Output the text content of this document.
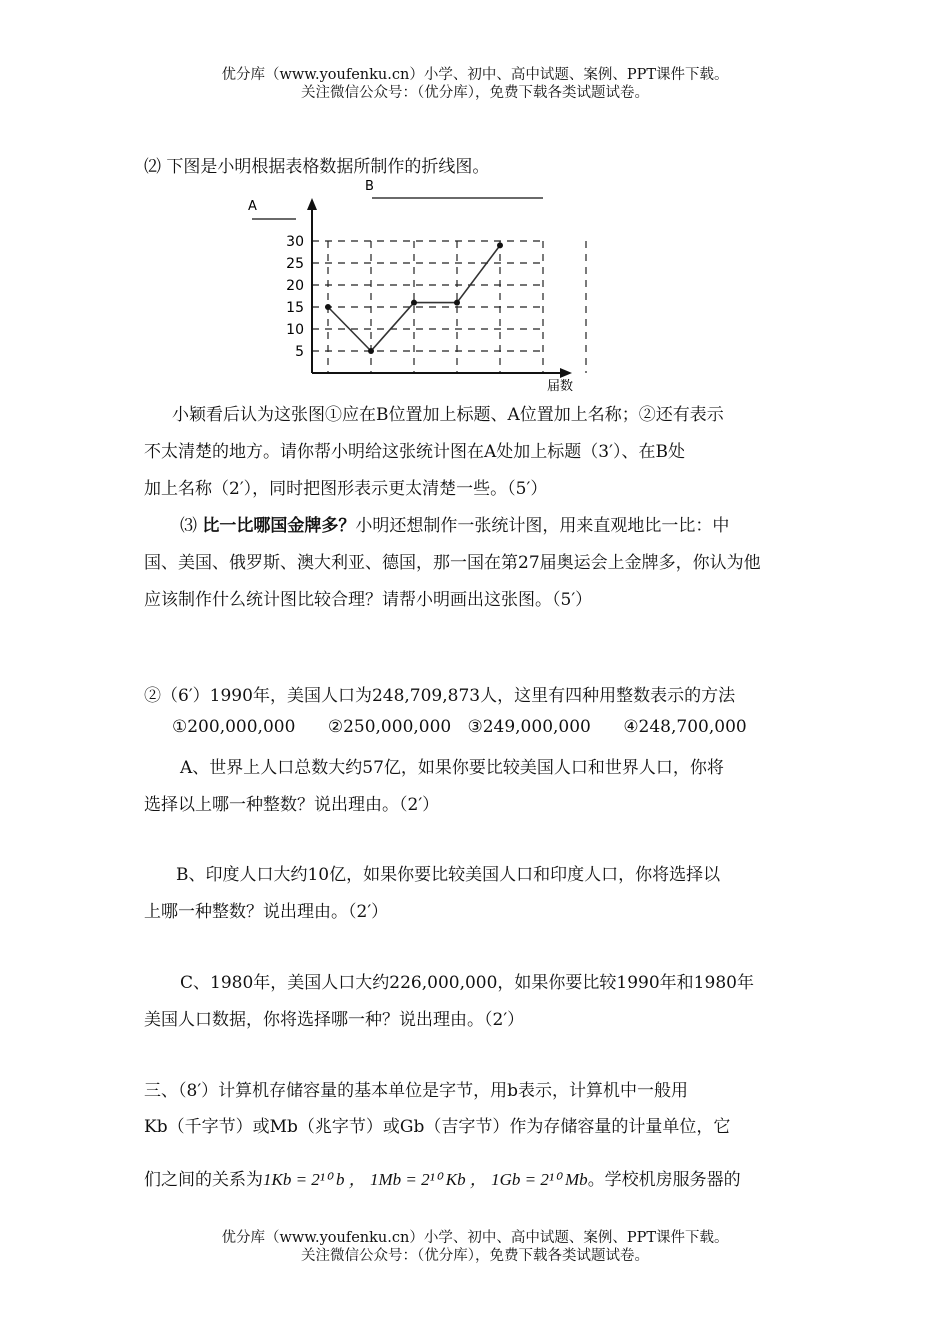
优分库（www.youfenku.cn）小学、初中、高中试题、案例、PPT课件下载。
关注微信公众号：（优分库），免费下载各类试题试卷。
⑵ 下图是小明根据表格数据所制作的折线图。
5
10
15
20
25
30
A
B
届数
小颖看后认为这张图①应在B位置加上标题、A位置加上名称；②还有表示
不太清楚的地方。请你帮小明给这张统计图在A处加上标题（3′）、在B处
加上名称（2′），同时把图形表示更太清楚一些。（5′）
⑶ 比一比哪国金牌多？小明还想制作一张统计图，用来直观地比一比：中
国、美国、俄罗斯、澳大利亚、德国，那一国在第27届奥运会上金牌多，你认为他
应该制作什么统计图比较合理？请帮小明画出这张图。（5′）
②（6′）1990年，美国人口为248,709,873人，这里有四种用整数表示的方法
①200,000,000 ②250,000,000 ③249,000,000 ④248,700,000
A、世界上人口总数大约57亿，如果你要比较美国人口和世界人口，你将
选择以上哪一种整数？说出理由。（2′）
B、印度人口大约10亿，如果你要比较美国人口和印度人口，你将选择以
上哪一种整数？说出理由。（2′）
C、1980年，美国人口大约226,000,000，如果你要比较1990年和1980年
美国人口数据，你将选择哪一种？说出理由。（2′）
三、（8′）计算机存储容量的基本单位是字节，用b表示，计算机中一般用
Kb（千字节）或Mb（兆字节）或Gb（吉字节）作为存储容量的计量单位，它
们之间的关系为1Kb = 2¹⁰ b ， 1Mb = 2¹⁰ Kb ， 1Gb = 2¹⁰ Mb。学校机房服务器的
优分库（www.youfenku.cn）小学、初中、高中试题、案例、PPT课件下载。
关注微信公众号：（优分库），免费下载各类试题试卷。
